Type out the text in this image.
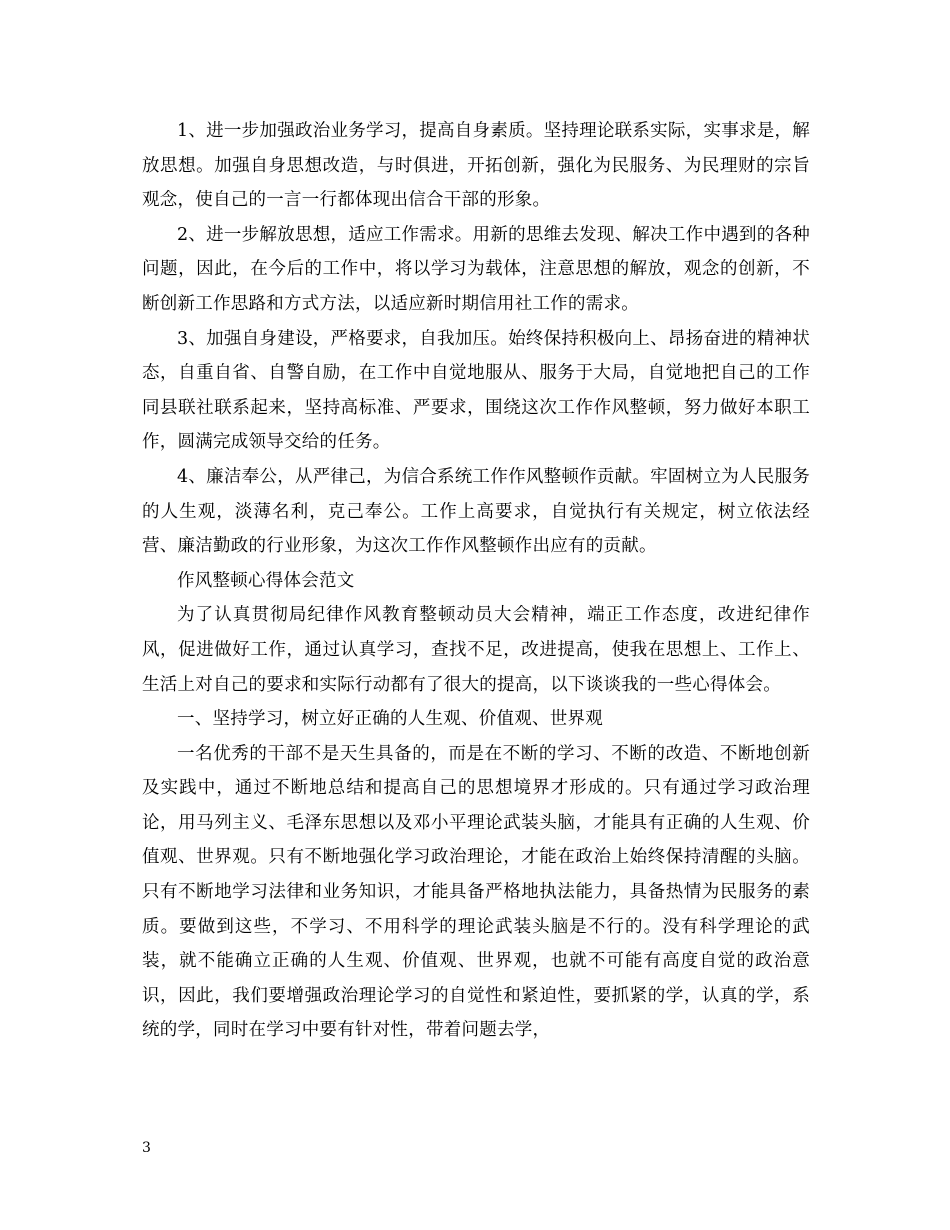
1、进一步加强政治业务学习，提高自身素质。坚持理论联系实际，实事求是，解放思想。加强自身思想改造，与时俱进，开拓创新，强化为民服务、为民理财的宗旨观念，使自己的一言一行都体现出信合干部的形象。

2、进一步解放思想，适应工作需求。用新的思维去发现、解决工作中遇到的各种问题，因此，在今后的工作中，将以学习为载体，注意思想的解放，观念的创新，不断创新工作思路和方式方法，以适应新时期信用社工作的需求。

3、加强自身建设，严格要求，自我加压。始终保持积极向上、昂扬奋进的精神状态，自重自省、自警自励，在工作中自觉地服从、服务于大局，自觉地把自己的工作同县联社联系起来，坚持高标准、严要求，围绕这次工作作风整顿，努力做好本职工作，圆满完成领导交给的任务。

4、廉洁奉公，从严律己，为信合系统工作作风整顿作贡献。牢固树立为人民服务的人生观，淡薄名利，克己奉公。工作上高要求，自觉执行有关规定，树立依法经营、廉洁勤政的行业形象，为这次工作作风整顿作出应有的贡献。

作风整顿心得体会范文

为了认真贯彻局纪律作风教育整顿动员大会精神，端正工作态度，改进纪律作风，促进做好工作，通过认真学习，查找不足，改进提高，使我在思想上、工作上、生活上对自己的要求和实际行动都有了很大的提高，以下谈谈我的一些心得体会。

一、坚持学习，树立好正确的人生观、价值观、世界观

一名优秀的干部不是天生具备的，而是在不断的学习、不断的改造、不断地创新及实践中，通过不断地总结和提高自己的思想境界才形成的。只有通过学习政治理论，用马列主义、毛泽东思想以及邓小平理论武装头脑，才能具有正确的人生观、价值观、世界观。只有不断地强化学习政治理论，才能在政治上始终保持清醒的头脑。只有不断地学习法律和业务知识，才能具备严格地执法能力，具备热情为民服务的素质。要做到这些，不学习、不用科学的理论武装头脑是不行的。没有科学理论的武装，就不能确立正确的人生观、价值观、世界观，也就不可能有高度自觉的政治意识，因此，我们要增强政治理论学习的自觉性和紧迫性，要抓紧的学，认真的学，系统的学，同时在学习中要有针对性，带着问题去学，

3
